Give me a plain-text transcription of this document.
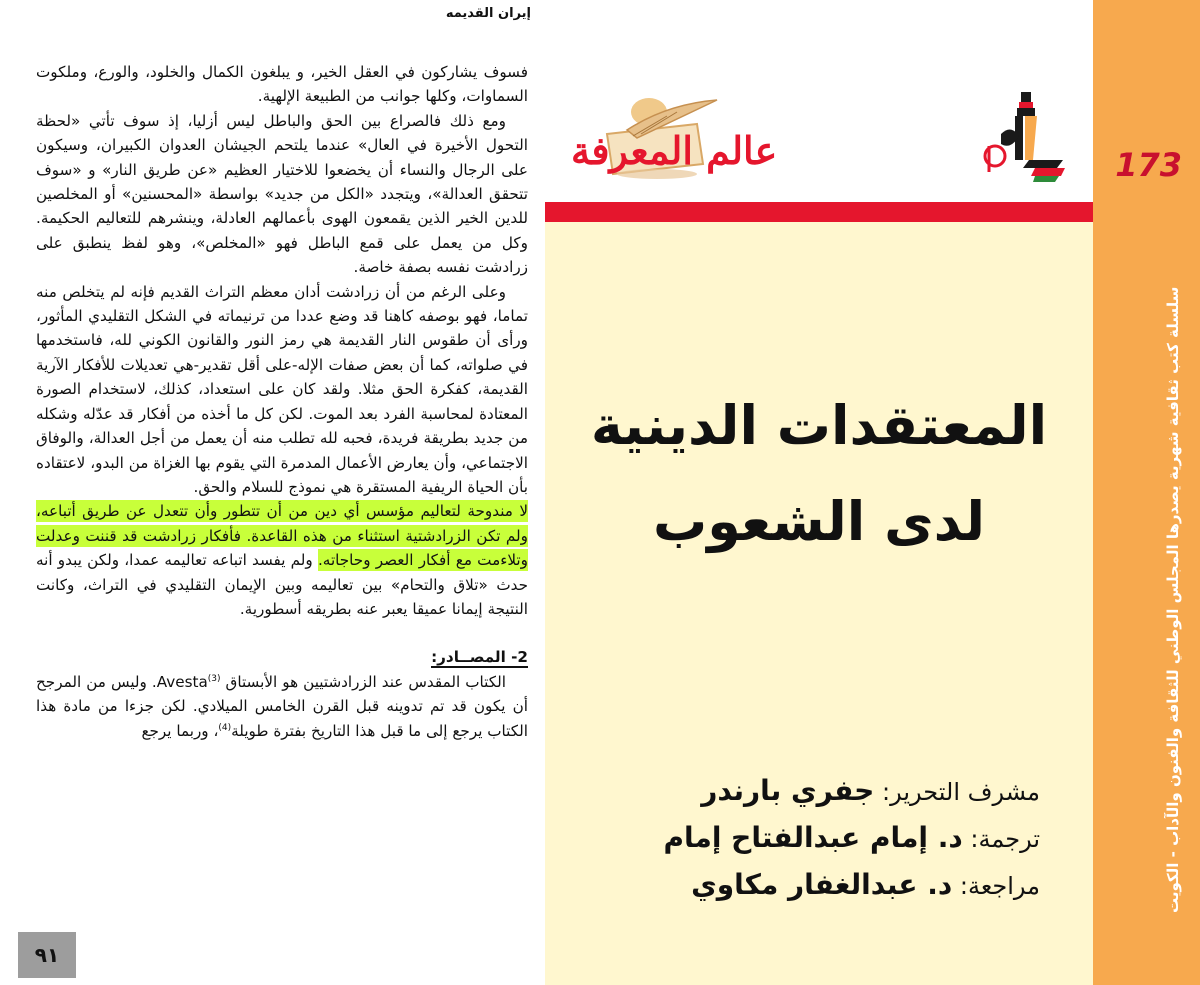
إيران القديمه

فسوف يشاركون في العقل الخير، و يبلغون الكمال والخلود، والورع، وملكوت السماوات، وكلها جوانب من الطبيعة الإلهية.

ومع ذلك فالصراع بين الحق والباطل ليس أزليا، إذ سوف تأتي «لحظة التحول الأخيرة في العال» عندما يلتحم الجيشان العدوان الكبيران، وسيكون على الرجال والنساء أن يخضعوا للاختيار العظيم «عن طريق النار» و «سوف تتحقق العدالة»، ويتجدد «الكل من جديد» بواسطة «المحسنين» أو المخلصين للدين الخير الذين يقمعون الهوى بأعمالهم العادلة، وينشرهم للتعاليم الحكيمة. وكل من يعمل على قمع الباطل فهو «المخلص»، وهو لفظ ينطبق على زرادشت نفسه بصفة خاصة.

وعلى الرغم من أن زرادشت أدان معظم التراث القديم فإنه لم يتخلص منه تماما، فهو بوصفه كاهنا قد وضع عددا من ترنيماته في الشكل التقليدي المأثور، ورأى أن طقوس النار القديمة هي رمز النور والقانون الكوني لله، فاستخدمها في صلواته، كما أن بعض صفات الإله-على أقل تقدير-هي تعديلات للأفكار الآرية القديمة، كفكرة الحق مثلا. ولقد كان على استعداد، كذلك، لاستخدام الصورة المعتادة لمحاسبة الفرد بعد الموت. لكن كل ما أخذه من أفكار قد عدّله وشكله من جديد بطريقة فريدة، فحبه لله تطلب منه أن يعمل من أجل العدالة، والوفاق الاجتماعي، وأن يعارض الأعمال المدمرة التي يقوم بها الغزاة من البدو، لاعتقاده بأن الحياة الريفية المستقرة هي نموذج للسلام والحق.

لا مندوحة لتعاليم مؤسس أي دين من أن تتطور وأن تتعدل عن طريق أتباعه، ولم تكن الزرادشتية استثناء من هذه القاعدة. فأفكار زرادشت قد قننت وعدلت وتلاءمت مع أفكار العصر وحاجاته. ولم يفسد اتباعه تعاليمه عمدا، ولكن يبدو أنه حدث «تلاق والتحام» بين تعاليمه وبين الإيمان التقليدي في التراث، وكانت النتيجة إيمانا عميقا يعبر عنه بطريقه أسطورية.

2- المصــادر:

الكتاب المقدس عند الزرادشتيين هو الأبستاق Avesta$^{(3)}$. وليس من المرجح أن يكون قد تم تدوينه قبل القرن الخامس الميلادي. لكن جزءا من مادة هذا الكتاب يرجع إلى ما قبل هذا التاريخ بفترة طويلة$^{(4)}$، وربما يرجع

٩١
173
سلسلة كتب ثقافية شهرية يصدرها المجلس الوطني للثقافة والفنون والآداب - الكويت
عالم المعرفة
المعتقدات الدينية
لدى الشعوب
مشرف التحرير: جفري بارندر
ترجمة: د. إمام عبدالفتاح إمام
مراجعة: د. عبدالغفار مكاوي
